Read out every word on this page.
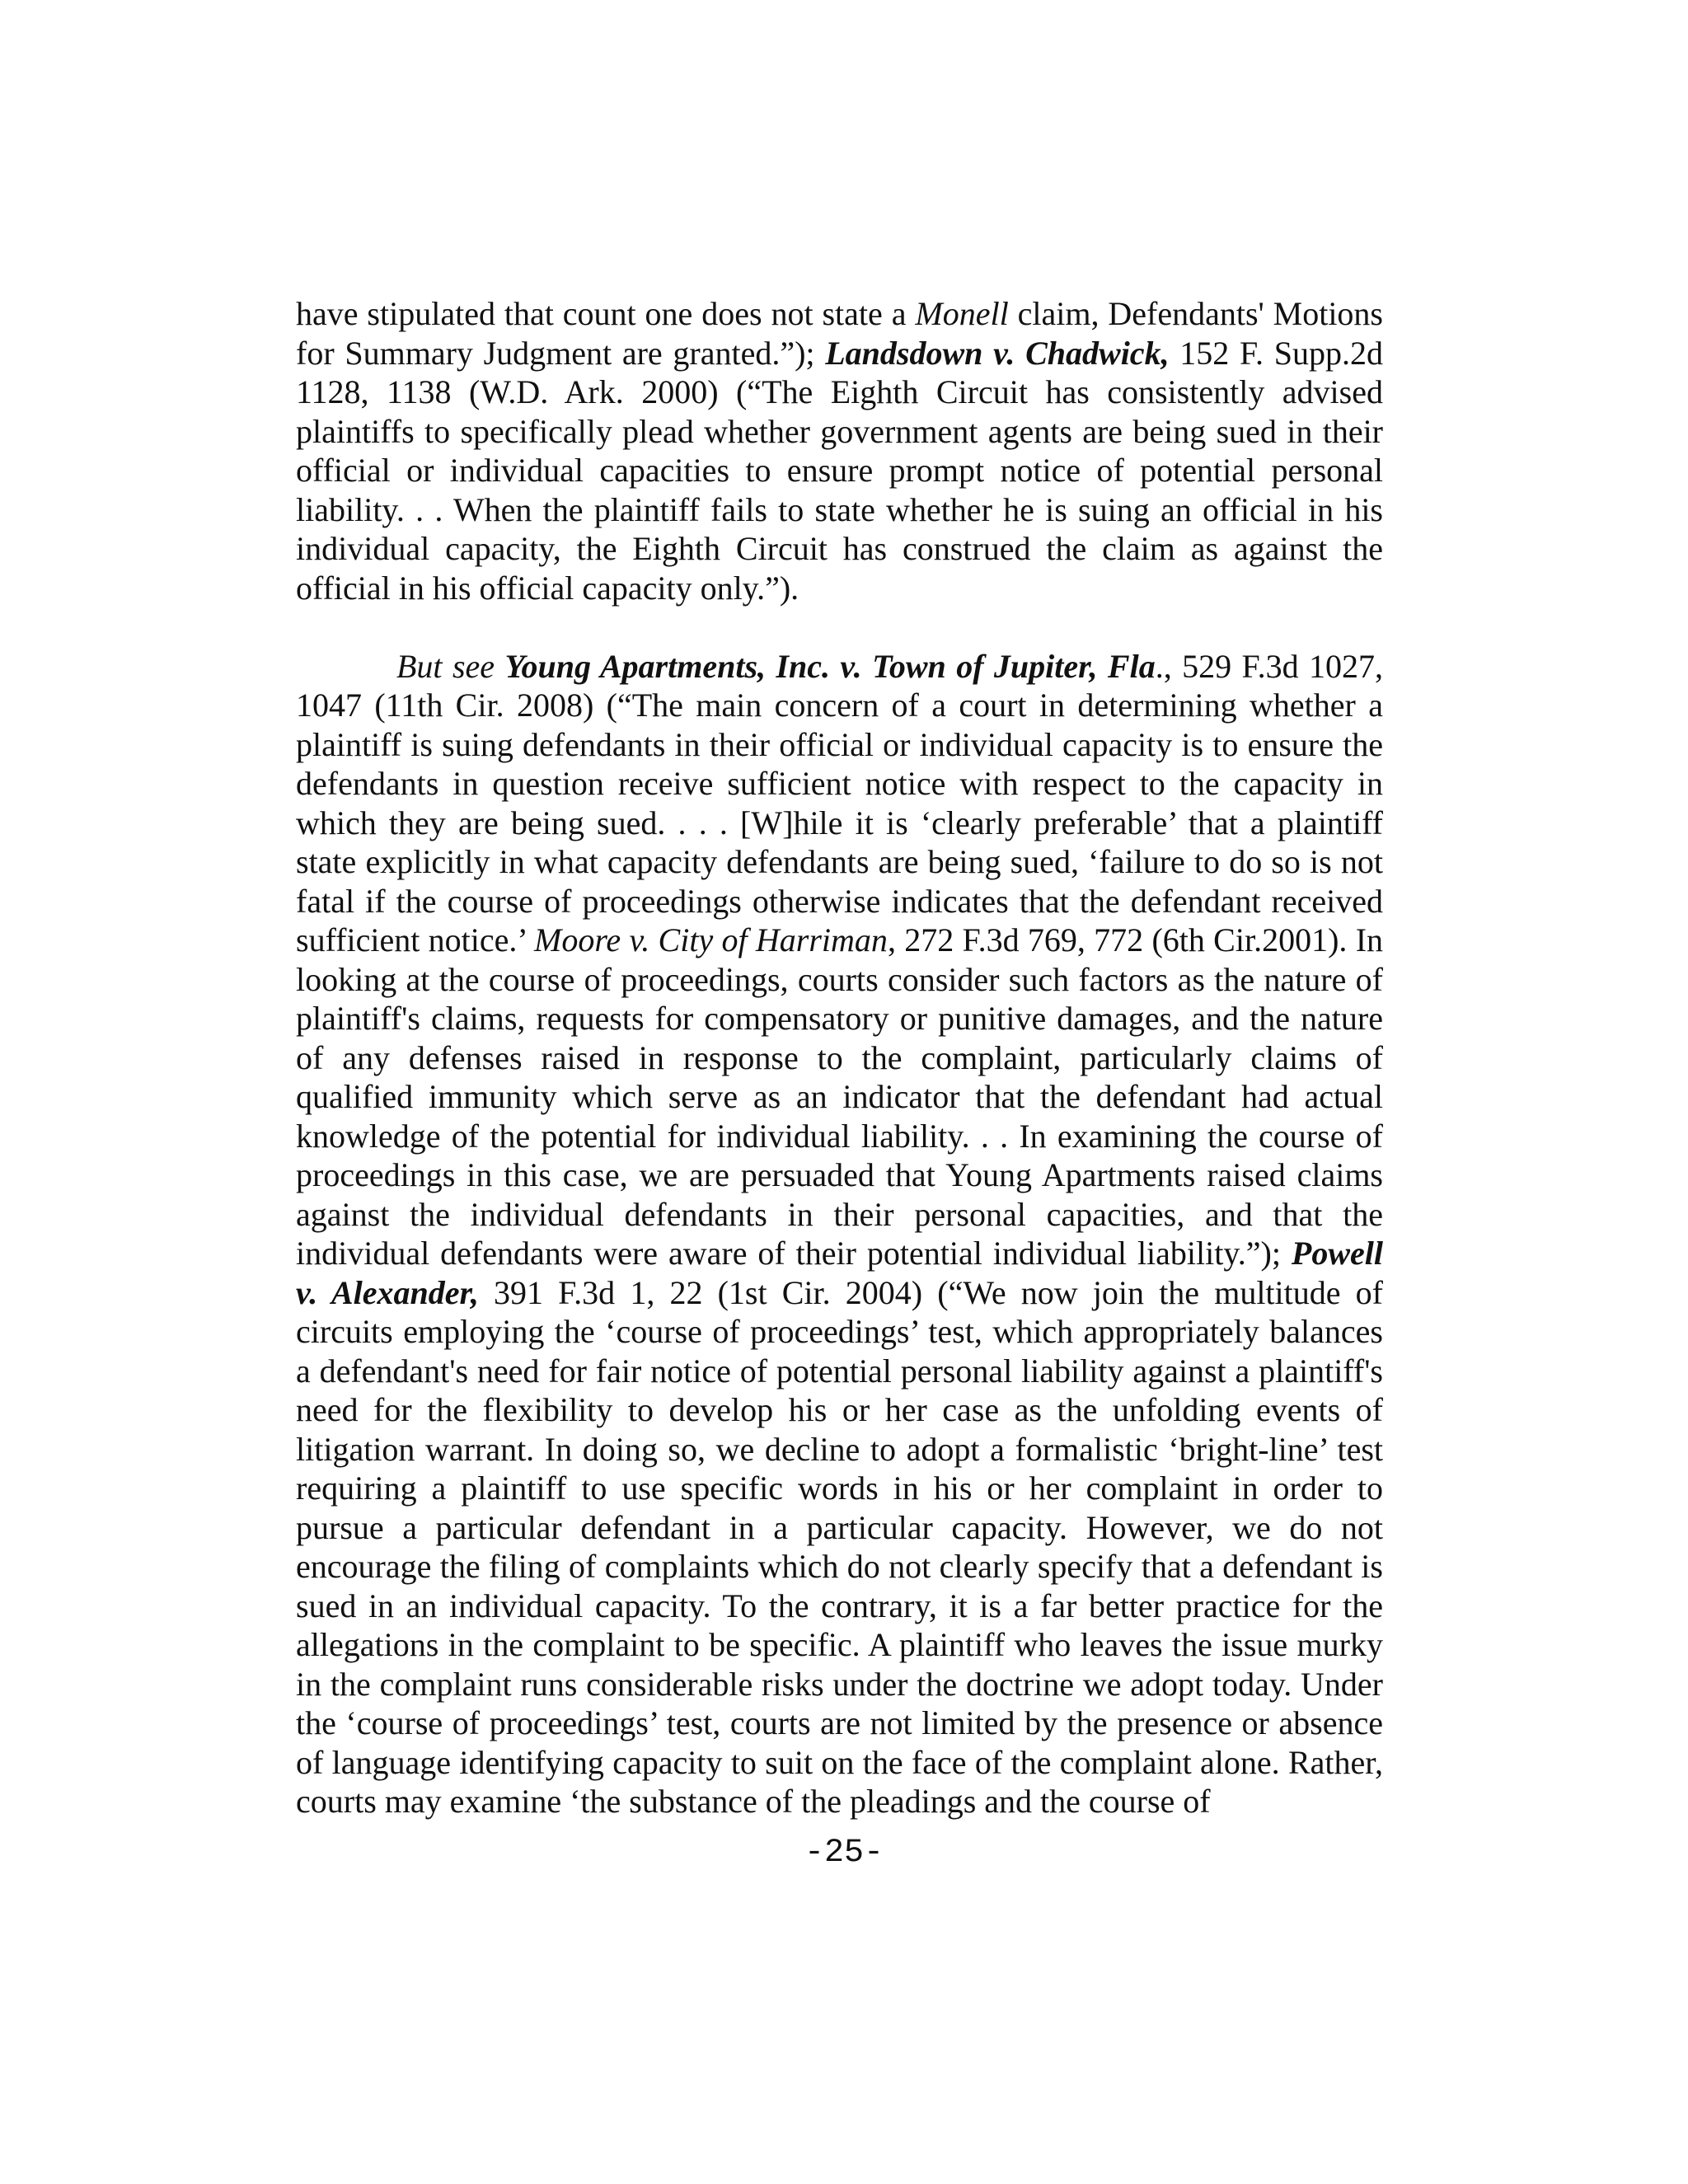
have stipulated that count one does not state a Monell claim, Defendants' Motions for Summary Judgment are granted.”); Landsdown v. Chadwick, 152 F. Supp.2d 1128, 1138 (W.D. Ark. 2000) (“The Eighth Circuit has consistently advised plaintiffs to specifically plead whether government agents are being sued in their official or individual capacities to ensure prompt notice of potential personal liability. . . When the plaintiff fails to state whether he is suing an official in his individual capacity, the Eighth Circuit has construed the claim as against the official in his official capacity only.”).

But see Young Apartments, Inc. v. Town of Jupiter, Fla., 529 F.3d 1027, 1047 (11th Cir. 2008) (“The main concern of a court in determining whether a plaintiff is suing defendants in their official or individual capacity is to ensure the defendants in question receive sufficient notice with respect to the capacity in which they are being sued. . . . [W]hile it is ‘clearly preferable’ that a plaintiff state explicitly in what capacity defendants are being sued, ‘failure to do so is not fatal if the course of proceedings otherwise indicates that the defendant received sufficient notice.’ Moore v. City of Harriman, 272 F.3d 769, 772 (6th Cir.2001). In looking at the course of proceedings, courts consider such factors as the nature of plaintiff's claims, requests for compensatory or punitive damages, and the nature of any defenses raised in response to the complaint, particularly claims of qualified immunity which serve as an indicator that the defendant had actual knowledge of the potential for individual liability. . . In examining the course of proceedings in this case, we are persuaded that Young Apartments raised claims against the individual defendants in their personal capacities, and that the individual defendants were aware of their potential individual liability.”); Powell v. Alexander, 391 F.3d 1, 22 (1st Cir. 2004) (“We now join the multitude of circuits employing the ‘course of proceedings’ test, which appropriately balances a defendant's need for fair notice of potential personal liability against a plaintiff's need for the flexibility to develop his or her case as the unfolding events of litigation warrant. In doing so, we decline to adopt a formalistic ‘bright-line’ test requiring a plaintiff to use specific words in his or her complaint in order to pursue a particular defendant in a particular capacity. However, we do not encourage the filing of complaints which do not clearly specify that a defendant is sued in an individual capacity. To the contrary, it is a far better practice for the allegations in the complaint to be specific. A plaintiff who leaves the issue murky in the complaint runs considerable risks under the doctrine we adopt today. Under the ‘course of proceedings’ test, courts are not limited by the presence or absence of language identifying capacity to suit on the face of the complaint alone. Rather, courts may examine ‘the substance of the pleadings and the course of

-25-
